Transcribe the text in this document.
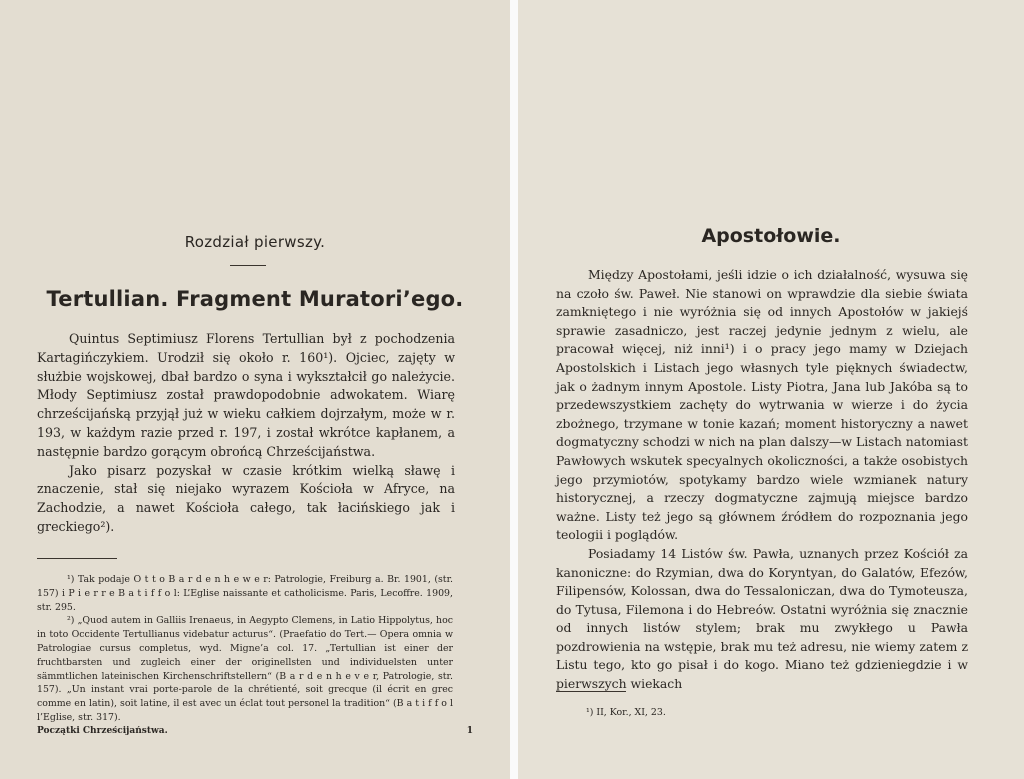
Rozdział pierwszy.
Tertullian. Fragment Muratori’ego.

Quintus Septimiusz Florens Tertullian był z pochodzenia Kartagińczykiem. Urodził się około r. 160¹). Ojciec, zajęty w służbie wojskowej, dbał bardzo o syna i wykształcił go należycie. Młody Septimiusz został prawdopodobnie adwokatem. Wiarę chrześcijańską przyjął już w wieku całkiem dojrzałym, może w r. 193, w każdym razie przed r. 197, i został wkrótce kapłanem, a następnie bardzo gorącym obrońcą Chrześcijaństwa.

Jako pisarz pozyskał w czasie krótkim wielką sławę i znaczenie, stał się niejako wyrazem Kościoła w Afryce, na Zachodzie, a nawet Kościoła całego, tak łacińskiego jak i greckiego²).

¹) Tak podaje O t t o B a r d e n h e w e r: Patrologie, Freiburg a. Br. 1901, (str. 157) i P i e r r e B a t i f f o l: L’Eglise naissante et catholicisme. Paris, Lecoffre. 1909, str. 295.

²) „Quod autem in Galliis Irenaeus, in Aegypto Clemens, in Latio Hippolytus, hoc in toto Occidente Tertullianus videbatur acturus“. (Praefatio do Tert.— Opera omnia w Patrologiae cursus completus, wyd. Migne’a col. 17. „Tertullian ist einer der fruchtbarsten und zugleich einer der originellsten und individuelsten unter sämmtlichen lateinischen Kirchenschriftstellern“ (B a r d e n h e v e r, Patrologie, str. 157). „Un instant vrai porte-parole de la chrétienté, soit grecque (il écrit en grec comme en latin), soit latine, il est avec un éclat tout personel la tradition“ (B a t i f f o l l’Eglise, str. 317).

Początki Chrześcijaństwa.	1
Apostołowie.

Między Apostołami, jeśli idzie o ich działalność, wysuwa się na czoło św. Paweł. Nie stanowi on wprawdzie dla siebie świata zamkniętego i nie wyróżnia się od innych Apostołów w jakiejś sprawie zasadniczo, jest raczej jedynie jednym z wielu, ale pracował więcej, niż inni¹) i o pracy jego mamy w Dziejach Apostolskich i Listach jego własnych tyle pięknych świadectw, jak o żadnym innym Apostole. Listy Piotra, Jana lub Jakóba są to przedewszystkiem zachęty do wytrwania w wierze i do życia zbożnego, trzymane w tonie kazań; moment historyczny a nawet dogmatyczny schodzi w nich na plan dalszy—w Listach natomiast Pawłowych wskutek specyalnych okoliczności, a także osobistych jego przymiotów, spotykamy bardzo wiele wzmianek natury historycznej, a rzeczy dogmatyczne zajmują miejsce bardzo ważne. Listy też jego są głównem źródłem do rozpoznania jego teologii i poglądów.

Posiadamy 14 Listów św. Pawła, uznanych przez Kościół za kanoniczne: do Rzymian, dwa do Koryntyan, do Galatów, Efezów, Filipensów, Kolossan, dwa do Tessaloniczan, dwa do Tymoteusza, do Tytusa, Filemona i do Hebreów. Ostatni wyróżnia się znacznie od innych listów stylem; brak mu zwykłego u Pawła pozdrowienia na wstępie, brak mu też adresu, nie wiemy zatem z Listu tego, kto go pisał i do kogo. Miano też gdzieniegdzie i w pierwszych wiekach

¹) II, Kor., XI, 23.
